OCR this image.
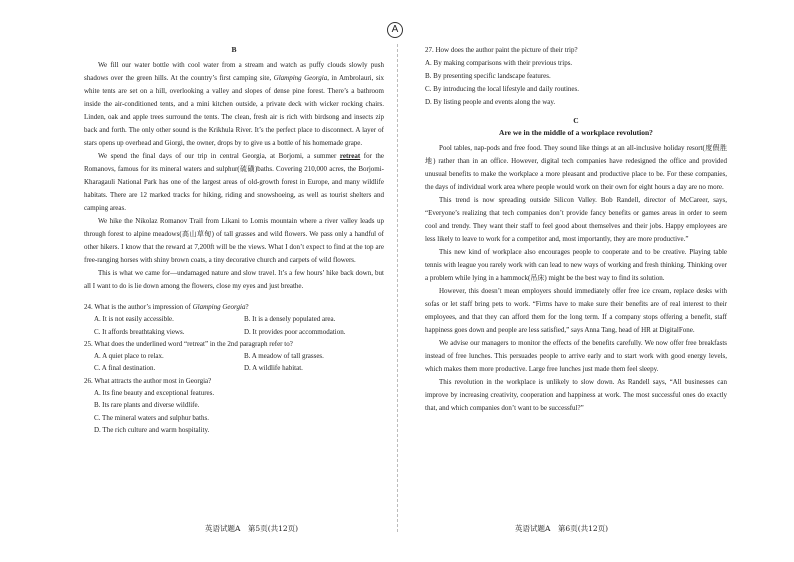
A
B

We fill our water bottle with cool water from a stream and watch as puffy clouds slowly push shadows over the green hills. At the country’s first camping site, Glamping Georgia, in Ambrolauri, six white tents are set on a hill, overlooking a valley and slopes of dense pine forest. There’s a bathroom inside the air-conditioned tents, and a mini kitchen outside, a private deck with wicker rocking chairs. Linden, oak and apple trees surround the tents. The clean, fresh air is rich with birdsong and insects zip back and forth. The only other sound is the Krikhula River. It’s the perfect place to disconnect. A layer of stars opens up overhead and Giorgi, the owner, drops by to give us a bottle of his homemade grape.

We spend the final days of our trip in central Georgia, at Borjomi, a summer retreat for the Romanovs, famous for its mineral waters and sulphur(硫磺)baths. Covering 210,000 acres, the Borjomi-Kharagauli National Park has one of the largest areas of old-growth forest in Europe, and many wildlife habitats. There are 12 marked tracks for hiking, riding and snowshoeing, as well as tourist shelters and camping areas.

We hike the Nikolaz Romanov Trail from Likani to Lomis mountain where a river valley leads up through forest to alpine meadows(高山草甸) of tall grasses and wild flowers. We pass only a handful of other hikers. I know that the reward at 7,200ft will be the views. What I don’t expect to find at the top are free-ranging horses with shiny brown coats, a tiny decorative church and carpets of wild flowers.

This is what we came for—undamaged nature and slow travel. It’s a few hours’ hike back down, but all I want to do is lie down among the flowers, close my eyes and just breathe.

24. What is the author’s impression of Glamping Georgia?
A. It is not easily accessible.	B. It is a densely populated area.
C. It affords breathtaking views.	D. It provides poor accommodation.
25. What does the underlined word “retreat” in the 2nd paragraph refer to?
A. A quiet place to relax.	B. A meadow of tall grasses.
C. A final destination.	D. A wildlife habitat.
26. What attracts the author most in Georgia?
A. Its fine beauty and exceptional features.
B. Its rare plants and diverse wildlife.
C. The mineral waters and sulphur baths.
D. The rich culture and warm hospitality.
27. How does the author paint the picture of their trip?
A. By making comparisons with their previous trips.
B. By presenting specific landscape features.
C. By introducing the local lifestyle and daily routines.
D. By listing people and events along the way.
C
Are we in the middle of a workplace revolution?

Pool tables, nap-pods and free food. They sound like things at an all-inclusive holiday resort(度假胜地) rather than in an office. However, digital tech companies have redesigned the office and provided unusual benefits to make the workplace a more pleasant and productive place to be. For these companies, the days of individual work area where people would work on their own for eight hours a day are no more.

This trend is now spreading outside Silicon Valley. Bob Randell, director of McCareer, says, “Everyone’s realizing that tech companies don’t provide fancy benefits or games areas in order to seem cool and trendy. They want their staff to feel good about themselves and their jobs. Happy employees are less likely to leave to work for a competitor and, most importantly, they are more productive.”

This new kind of workplace also encourages people to cooperate and to be creative. Playing table tennis with league you rarely work with can lead to new ways of working and fresh thinking. Thinking over a problem while lying in a hammock(吊床) might be the best way to find its solution.

However, this doesn’t mean employers should immediately offer free ice cream, replace desks with sofas or let staff bring pets to work. “Firms have to make sure their benefits are of real interest to their employees, and that they can afford them for the long term. If a company stops offering a benefit, staff happiness goes down and people are less satisfied,” says Anna Tang, head of HR at DigitalFone.

We advise our managers to monitor the effects of the benefits carefully. We now offer free breakfasts instead of free lunches. This persuades people to arrive early and to start work with good energy levels, which makes them more productive. Large free lunches just made them feel sleepy.

This revolution in the workplace is unlikely to slow down. As Randell says, “All businesses can improve by increasing creativity, cooperation and happiness at work. The most successful ones do exactly that, and which companies don’t want to be successful?”

英语试题A　第5页(共12页)	英语试题A　第6页(共12页)
